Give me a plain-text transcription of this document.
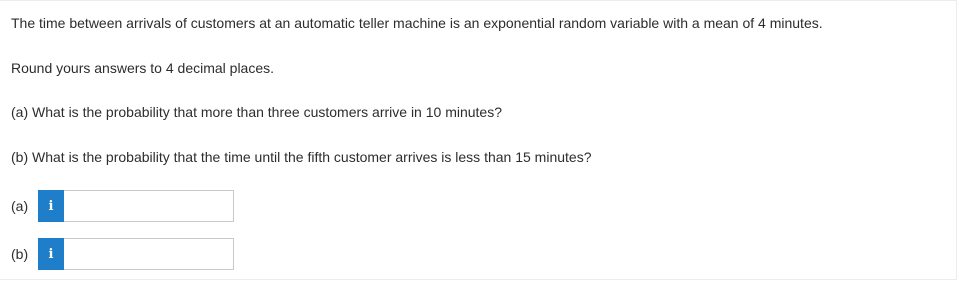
The time between arrivals of customers at an automatic teller machine is an exponential random variable with a mean of 4 minutes.

Round yours answers to 4 decimal places.

(a) What is the probability that more than three customers arrive in 10 minutes?

(b) What is the probability that the time until the fifth customer arrives is less than 15 minutes?

(a)	i
(b)	i
